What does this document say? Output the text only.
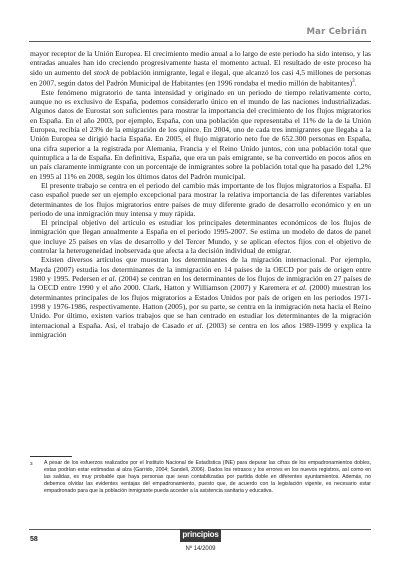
Mar Cebrián

mayor receptor de la Unión Europea. El crecimiento medio anual a lo largo de este periodo ha sido intenso, y las entradas anuales han ido creciendo progresivamente hasta el momento actual. El resultado de este proceso ha sido un aumento del stock de población inmigrante, legal e ilegal, que alcanzó los casi 4,5 millones de personas en 2007, según datos del Padrón Municipal de Habitantes (en 1996 rondaba el medio millón de habitantes)$^3$.

Este fenómeno migratorio de tanta intensidad y originado en un periodo de tiempo relativamente corto, aunque no es exclusivo de España, podemos considerarlo único en el mundo de las naciones industrializadas. Algunos datos de Eurostat son suficientes para mostrar la importancia del crecimiento de los flujos migratorios en España. En el año 2003, por ejemplo, España, con una población que representaba el 11% de la de la Unión Europea, recibía el 23% de la emigración de los quince. En 2004, uno de cada tres inmigrantes que llegaba a la Unión Europea se dirigió hacia España. En 2005, el flujo migratorio neto fue de 652.300 personas en España, una cifra superior a la registrada por Alemania, Francia y el Reino Unido juntos, con una población total que quintuplica a la de España. En definitiva, España, que era un país emigrante, se ha convertido en pocos años en un país claramente inmigrante con un porcentaje de inmigrantes sobre la población total que ha pasado del 1,2% en 1995 al 11% en 2008, según los últimos datos del Padrón municipal.

El presente trabajo se centra en el periodo del cambio más importante de los flujos migratorios a España. El caso español puede ser un ejemplo excepcional para mostrar la relativa importancia de las diferentes variables determinantes de los flujos migratorios entre países de muy diferente grado de desarrollo económico y en un periodo de una inmigración muy intensa y muy rápida.

El principal objetivo del artículo es estudiar los principales determinantes económicos de los flujos de inmigración que llegan anualmente a España en el periodo 1995-2007. Se estima un modelo de datos de panel que incluye 25 países en vías de desarrollo y del Tercer Mundo, y se aplican efectos fijos con el objetivo de controlar la heterogeneidad inobservada que afecta a la decisión individual de emigrar.

Existen diversos artículos que muestran los determinantes de la migración internacional. Por ejemplo, Mayda (2007) estudia los determinantes de la inmigración en 14 países de la OECD por país de origen entre 1980 y 1995. Pedersen et al. (2004) se centran en los determinantes de los flujos de inmigración en 27 países de la OECD entre 1990 y el año 2000. Clark, Hatton y Williamson (2007) y Karemera et al. (2000) muestran los determinantes principales de los flujos migratorios a Estados Unidos por país de origen en los periodos 1971-1998 y 1976-1986, respectivamente. Hatton (2005), por su parte, se centra en la inmigración neta hacia el Reino Unido. Por último, existen varios trabajos que se han centrado en estudiar los determinantes de la migración internacional a España. Así, el trabajo de Casado et al. (2003) se centra en los años 1989-1999 y explica la inmigración

3 A pesar de los esfuerzos realizados por el Instituto Nacional de Estadística (INE) para depurar las cifras de los empadronamientos dobles, estas podrían estar estimadas al alza (Garrido, 2004; Sandell, 2006). Dados los retrasos y los errores en los nuevos registros, así como en las salidas, es muy probable que haya personas que sean contabilizadas por partida doble en diferentes ayuntamientos. Además, no debemos olvidar las evidentes ventajas del empadronamiento, puesto que, de acuerdo con la legislación vigente, es necesario estar empadronado para que la población inmigrante pueda acceder a la asistencia sanitaria y educativa.
58
principios
Nº 14/2009
